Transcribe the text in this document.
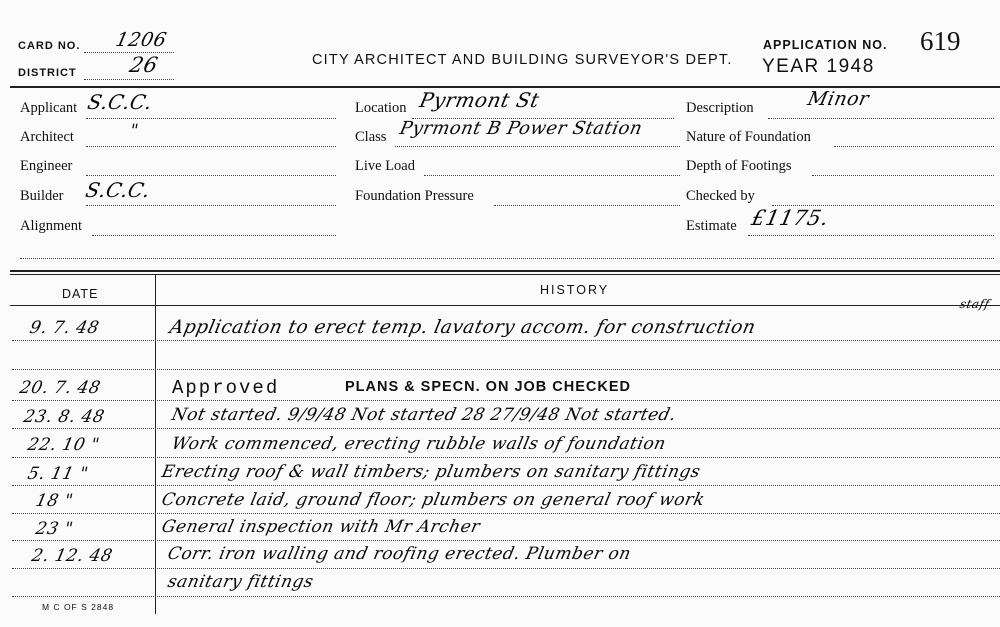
CARD NO. 1206
DISTRICT 26	CITY ARCHITECT AND BUILDING SURVEYOR'S DEPT.
APPLICATION NO. 619
YEAR 1948
Applicant S.C.C.
Architect	"
Engineer
Builder S.C.C.
Alignment
Location Pyrmont St
Class Pyrmont B Power Station
Live Load
Foundation Pressure
Description	Minor
Nature of Foundation
Depth of Footings
Checked by
Estimate £1175.
DATE	HISTORY
9. 7. 48	Application to erect temp. lavatory accom. for construction
staff
20. 7. 48	Approved	PLANS & SPECN. ON JOB CHECKED
23. 8. 48	Not started. 9/9/48 Not started 28 27/9/48 Not started.
22. 10 "	Work commenced, erecting rubble walls of foundation
5. 11 "	Erecting roof & wall timbers; plumbers on sanitary fittings
18 "	Concrete laid, ground floor; plumbers on general roof work
23 "	General inspection with Mr Archer
2. 12. 48	Corr. iron walling and roofing erected. Plumber on
sanitary fittings
M C OF S 2848
